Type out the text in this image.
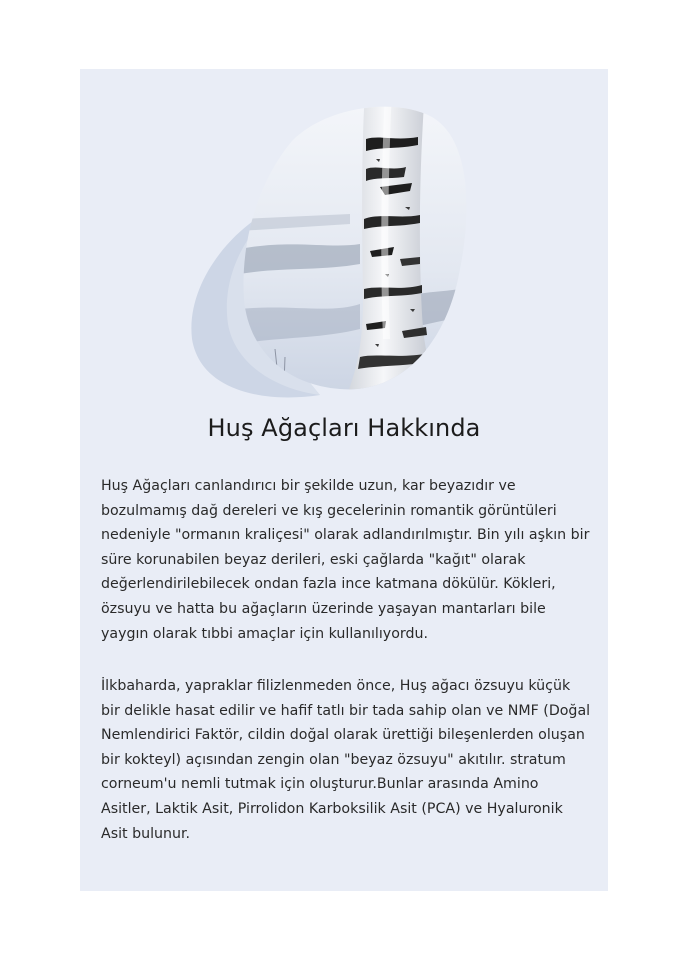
Huş Ağaçları Hakkında

Huş Ağaçları canlandırıcı bir şekilde uzun, kar beyazıdır ve bozulmamış dağ dereleri ve kış gecelerinin romantik görüntüleri nedeniyle "ormanın kraliçesi" olarak adlandırılmıştır. Bin yılı aşkın bir süre korunabilen beyaz derileri, eski çağlarda "kağıt" olarak değerlendirilebilecek ondan fazla ince katmana dökülür. Kökleri, özsuyu ve hatta bu ağaçların üzerinde yaşayan mantarları bile yaygın olarak tıbbi amaçlar için kullanılıyordu.

İlkbaharda, yapraklar filizlenmeden önce, Huş ağacı özsuyu küçük bir delikle hasat edilir ve hafif tatlı bir tada sahip olan ve NMF (Doğal Nemlendirici Faktör, cildin doğal olarak ürettiği bileşenlerden oluşan bir kokteyl) açısından zengin olan "beyaz özsuyu" akıtılır. stratum corneum'u nemli tutmak için oluşturur.Bunlar arasında Amino Asitler, Laktik Asit, Pirrolidon Karboksilik Asit (PCA) ve Hyaluronik Asit bulunur.
